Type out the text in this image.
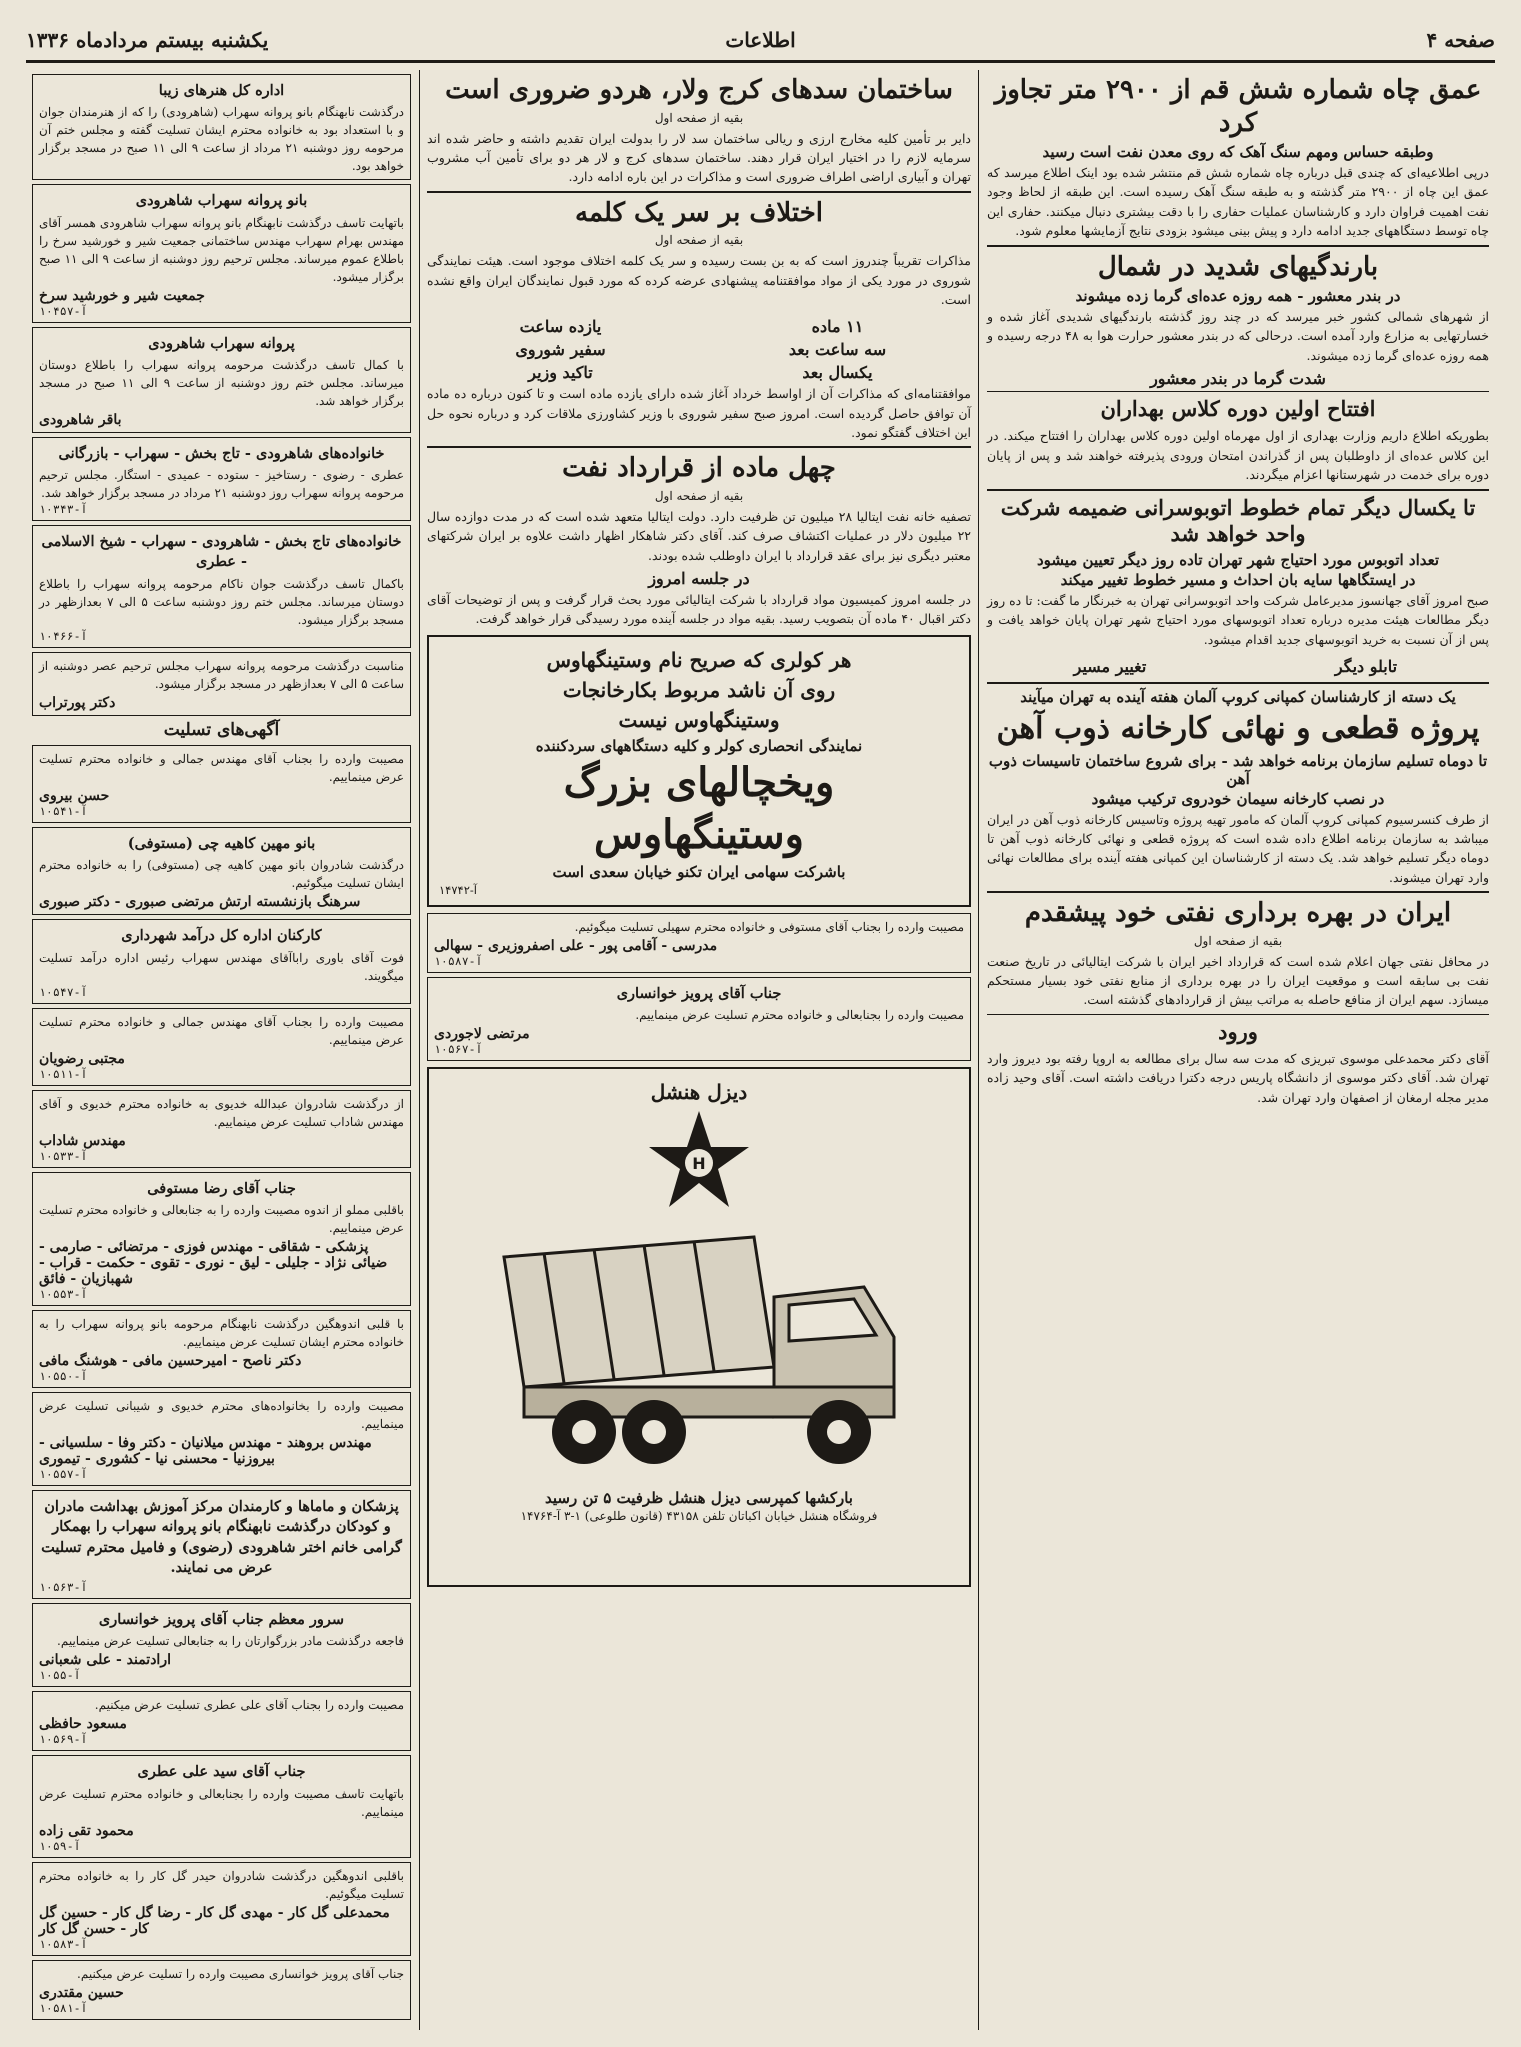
صفحه ۴
اطلاعات
یکشنبه بیستم مردادماه ۱۳۳۶
عمق چاه شماره شش قم از ۲۹۰۰ متر تجاوز کرد
وطبقه حساس ومهم سنگ آهک که روی معدن نفت است رسید

درپی اطلاعیه‌ای که چندی قبل درباره چاه شماره شش قم منتشر شده بود اینک اطلاع میرسد که عمق این چاه از ۲۹۰۰ متر گذشته و به طبقه سنگ آهک رسیده است. این طبقه از لحاظ وجود نفت اهمیت فراوان دارد و کارشناسان عملیات حفاری را با دقت بیشتری دنبال میکنند. حفاری این چاه توسط دستگاههای جدید ادامه دارد و پیش بینی میشود بزودی نتایج آزمایشها معلوم شود.

بارندگیهای شدید در شمال
در بندر معشور - همه روزه عده‌ای گرما زده میشوند

از شهرهای شمالی کشور خبر میرسد که در چند روز گذشته بارندگیهای شدیدی آغاز شده و خسارتهایی به مزارع وارد آمده است. درحالی که در بندر معشور حرارت هوا به ۴۸ درجه رسیده و همه روزه عده‌ای گرما زده میشوند.

شدت گرما در بندر معشور
افتتاح اولین دوره کلاس بهداران

بطوریکه اطلاع داریم وزارت بهداری از اول مهرماه اولین دوره کلاس بهداران را افتتاح میکند. در این کلاس عده‌ای از داوطلبان پس از گذراندن امتحان ورودی پذیرفته خواهند شد و پس از پایان دوره برای خدمت در شهرستانها اعزام میگردند.

تا یکسال دیگر تمام خطوط اتوبوسرانی ضمیمه شرکت واحد خواهد شد
تعداد اتوبوس مورد احتیاج شهر تهران تاده روز دیگر تعیین میشود
در ایستگاهها سایه بان احداث و مسیر خطوط تغییر میکند

صبح امروز آقای جهانسوز مدیرعامل شرکت واحد اتوبوسرانی تهران به خبرنگار ما گفت: تا ده روز دیگر مطالعات هیئت مدیره درباره تعداد اتوبوسهای مورد احتیاج شهر تهران پایان خواهد یافت و پس از آن نسبت به خرید اتوبوسهای جدید اقدام میشود.

تابلو دیگر
تغییر مسیر
یک دسته از کارشناسان کمپانی کروپ آلمان هفته آینده به تهران میآیند
پروژه قطعی و نهائی کارخانه ذوب آهن
تا دوماه تسلیم سازمان برنامه خواهد شد - برای شروع ساختمان تاسیسات ذوب آهن
در نصب کارخانه سیمان خودروی ترکیب میشود

از طرف کنسرسیوم کمپانی کروپ آلمان که مامور تهیه پروژه وتاسیس کارخانه ذوب آهن در ایران میباشد به سازمان برنامه اطلاع داده شده است که پروژه قطعی و نهائی کارخانه ذوب آهن تا دوماه دیگر تسلیم خواهد شد. یک دسته از کارشناسان این کمپانی هفته آینده برای مطالعات نهائی وارد تهران میشوند.

ایران در بهره برداری نفتی خود پیشقدم
بقیه از صفحه اول

در محافل نفتی جهان اعلام شده است که قرارداد اخیر ایران با شرکت ایتالیائی در تاریخ صنعت نفت بی سابقه است و موقعیت ایران را در بهره برداری از منابع نفتی خود بسیار مستحکم میسازد. سهم ایران از منافع حاصله به مراتب بیش از قراردادهای گذشته است.

ورود

آقای دکتر محمدعلی موسوی تبریزی که مدت سه سال برای مطالعه به اروپا رفته بود دیروز وارد تهران شد. آقای دکتر موسوی از دانشگاه پاریس درجه دکترا دریافت داشته است. آقای وحید زاده مدیر مجله ارمغان از اصفهان وارد تهران شد.

ساختمان سدهای کرج ولار، هردو ضروری است
بقیه از صفحه اول

دایر بر تأمین کلیه مخارج ارزی و ریالی ساختمان سد لار را بدولت ایران تقدیم داشته و حاضر شده اند سرمایه لازم را در اختیار ایران قرار دهند. ساختمان سدهای کرج و لار هر دو برای تأمین آب مشروب تهران و آبیاری اراضی اطراف ضروری است و مذاکرات در این باره ادامه دارد.

اختلاف بر سر یک کلمه
بقیه از صفحه اول

مذاکرات تقریباً چندروز است که به بن بست رسیده و سر یک کلمه اختلاف موجود است. هیئت نمایندگی شوروی در مورد یکی از مواد موافقتنامه پیشنهادی عرضه کرده که مورد قبول نمایندگان ایران واقع نشده است.

۱۱ ماده
سه ساعت بعد
یکسال بعد
یازده ساعت
سفیر شوروی
تاکید وزیر

موافقتنامه‌ای که مذاکرات آن از اواسط خرداد آغاز شده دارای یازده ماده است و تا کنون درباره ده ماده آن توافق حاصل گردیده است. امروز صبح سفیر شوروی با وزیر کشاورزی ملاقات کرد و درباره نحوه حل این اختلاف گفتگو نمود.

چهل ماده از قرارداد نفت
بقیه از صفحه اول

تصفیه خانه نفت ایتالیا ۲۸ میلیون تن ظرفیت دارد. دولت ایتالیا متعهد شده است که در مدت دوازده سال ۲۲ میلیون دلار در عملیات اکتشاف صرف کند. آقای دکتر شاهکار اظهار داشت علاوه بر ایران شرکتهای معتبر دیگری نیز برای عقد قرارداد با ایران داوطلب شده بودند.

در جلسه امروز

در جلسه امروز کمیسیون مواد قرارداد با شرکت ایتالیائی مورد بحث قرار گرفت و پس از توضیحات آقای دکتر اقبال ۴۰ ماده آن بتصویب رسید. بقیه مواد در جلسه آینده مورد رسیدگی قرار خواهد گرفت.

هر کولری که صریح نام وستینگهاوس
روی آن ناشد مربوط بکارخانجات
وستینگهاوس نیست
نمایندگی انحصاری کولر و کلیه دستگاههای سردکننده
ویخچالهای بزرگ
وستینگهاوس
باشرکت سهامی ایران تکنو خیابان سعدی است
آ-۱۴۷۴۲
مصیبت وارده را بجناب آقای مستوفی و خانواده محترم سهیلی تسلیت میگوئیم.
مدرسی - آقامی پور - علی اصفروزیری - سهالی
آ-۱۰۵۸۷
جناب آقای پرویز خوانساری
مصیبت وارده را بجنابعالی و خانواده محترم تسلیت عرض مینماییم.
مرتضی لاجوردی
آ-۱۰۵۶۷
دیزل هنشل
H
بارکشها کمپرسی دیزل هنشل ظرفیت ۵ تن رسید
فروشگاه هنشل خیابان اکباتان تلفن ۴۳۱۵۸ (قانون طلوعی) ۱-۳ آ-۱۴۷۶۴
اداره کل هنرهای زیبا
درگذشت نابهنگام بانو پروانه سهراب (شاهرودی) را که از هنرمندان جوان و با استعداد بود به خانواده محترم ایشان تسلیت گفته و مجلس ختم آن مرحومه روز دوشنبه ۲۱ مرداد از ساعت ۹ الی ۱۱ صبح در مسجد برگزار خواهد بود.
بانو پروانه سهراب شاهرودی
باتهایت تاسف درگذشت نابهنگام بانو پروانه سهراب شاهرودی همسر آقای مهندس بهرام سهراب مهندس ساختمانی جمعیت شیر و خورشید سرخ را باطلاع عموم میرساند. مجلس ترحیم روز دوشنبه از ساعت ۹ الی ۱۱ صبح برگزار میشود.
جمعیت شیر و خورشید سرخ
آ-۱۰۴۵۷
پروانه سهراب شاهرودی
با کمال تاسف درگذشت مرحومه پروانه سهراب را باطلاع دوستان میرساند. مجلس ختم روز دوشنبه از ساعت ۹ الی ۱۱ صبح در مسجد برگزار خواهد شد.
باقر شاهرودی
خانواده‌های شاهرودی - تاج بخش - سهراب - بازرگانی
عطری - رضوی - رستاخیز - ستوده - عمیدی - استگار. مجلس ترحیم مرحومه پروانه سهراب روز دوشنبه ۲۱ مرداد در مسجد برگزار خواهد شد.
آ-۱۰۳۴۳
خانواده‌های تاج بخش - شاهرودی - سهراب - شیخ الاسلامی - عطری
باکمال تاسف درگذشت جوان ناکام مرحومه پروانه سهراب را باطلاع دوستان میرساند. مجلس ختم روز دوشنبه ساعت ۵ الی ۷ بعدازظهر در مسجد برگزار میشود.
آ-۱۰۴۶۶
مناسبت درگذشت مرحومه پروانه سهراب مجلس ترحیم عصر دوشنبه از ساعت ۵ الی ۷ بعدازظهر در مسجد برگزار میشود.
دکتر پورتراب
آگهی‌های تسلیت
مصیبت وارده را بجناب آقای مهندس جمالی و خانواده محترم تسلیت عرض مینماییم.
حسن بیروی
آ-۱۰۵۴۱
بانو مهین کاهیه چی (مستوفی)
درگذشت شادروان بانو مهین کاهیه چی (مستوفی) را به خانواده محترم ایشان تسلیت میگوئیم.
سرهنگ بازنشسته ارتش مرتضی صبوری - دکتر صبوری
کارکنان اداره کل درآمد شهرداری
فوت آقای باوری راباآقای مهندس سهراب رئیس اداره درآمد تسلیت میگویند.
آ-۱۰۵۴۷
مصیبت وارده را بجناب آقای مهندس جمالی و خانواده محترم تسلیت عرض مینماییم.
مجتبی رضویان
آ-۱۰۵۱۱
از درگذشت شادروان عبدالله خدیوی به خانواده محترم خدیوی و آقای مهندس شاداب تسلیت عرض مینماییم.
مهندس شاداب
آ-۱۰۵۳۳
جناب آقای رضا مستوفی
باقلبی مملو از اندوه مصیبت وارده را به جنابعالی و خانواده محترم تسلیت عرض مینماییم.
پزشکی - شقاقی - مهندس فوزی - مرتضائی - صارمی - ضیائی نژاد - جلیلی - لیق - نوری - تقوی - حکمت - قراب - شهبازیان - فائق
آ-۱۰۵۵۳
با قلبی اندوهگین درگذشت نابهنگام مرحومه بانو پروانه سهراب را به خانواده محترم ایشان تسلیت عرض مینماییم.
دکتر ناصح - امیرحسین مافی - هوشنگ مافی
آ-۱۰۵۵۰
مصیبت وارده را بخانواده‌های محترم خدیوی و شیبانی تسلیت عرض مینماییم.
مهندس بروهند - مهندس میلانیان - دکتر وفا - سلسیانی - بیروزنیا - محسنی نیا - کشوری - تیموری
آ-۱۰۵۵۷
پزشکان و ماماها و کارمندان مرکز آموزش بهداشت مادران و کودکان درگذشت نابهنگام بانو پروانه سهراب را بهمکار گرامی خانم اختر شاهرودی (رضوی) و فامیل محترم تسلیت عرض می نمایند.
آ-۱۰۵۶۳
سرور معظم جناب آقای پرویز خوانساری
فاجعه درگذشت مادر بزرگوارتان را به جنابعالی تسلیت عرض مینماییم.
ارادتمند - علی شعبانی
آ-۱۰۵۵
مصیبت وارده را بجناب آقای علی عطری تسلیت عرض میکنیم.
مسعود حافظی
آ-۱۰۵۶۹
جناب آقای سید علی عطری
باتهایت تاسف مصیبت وارده را بجنابعالی و خانواده محترم تسلیت عرض مینماییم.
محمود تقی زاده
آ-۱۰۵۹
باقلبی اندوهگین درگذشت شادروان حیدر گل کار را به خانواده محترم تسلیت میگوئیم.
محمدعلی گل کار - مهدی گل کار - رضا گل کار - حسین گل کار - حسن گل کار
آ-۱۰۵۸۳
جناب آقای پرویز خوانساری مصیبت وارده را تسلیت عرض میکنیم.
حسین مقتدری
آ-۱۰۵۸۱
